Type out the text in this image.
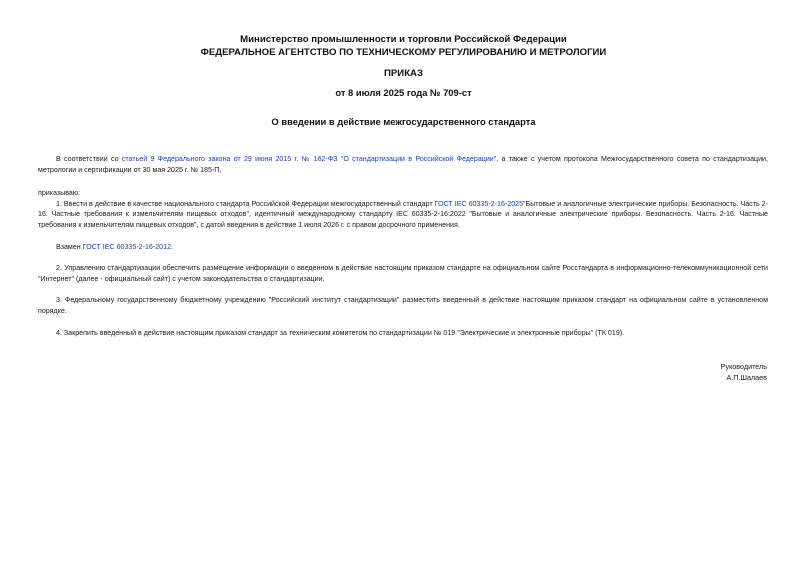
Министерство промышленности и торговли Российской Федерации
ФЕДЕРАЛЬНОЕ АГЕНТСТВО ПО ТЕХНИЧЕСКОМУ РЕГУЛИРОВАНИЮ И МЕТРОЛОГИИ
ПРИКАЗ
от 8 июля 2025 года № 709-ст
О введении в действие межгосударственного стандарта

В соответствии со статьей 9 Федерального закона от 29 июня 2015 г. № 162-ФЗ "О стандартизации в Российской Федерации", а также с учетом протокола Межгосударственного совета по стандартизации, метрологии и сертификации от 30 мая 2025 г. № 185-П,

приказываю:

1. Ввести в действие в качестве национального стандарта Российской Федерации межгосударственный стандарт ГОСТ IEC 60335-2-16-2025"Бытовые и аналогичные электрические приборы. Безопасность. Часть 2-16. Частные требования к измельчителям пищевых отходов", идентичный международному стандарту IEC 60335-2-16:2022 "Бытовые и аналогичные электрические приборы. Безопасность. Часть 2-16. Частные требования к измельчителям пищевых отходов", с датой введения в действие 1 июля 2026 г. с правом досрочного применения.

Взамен ГОСТ IEC 60335-2-16-2012.

2. Управлению стандартизации обеспечить размещение информации о введенном в действие настоящим приказом стандарте на официальном сайте Росстандарта в информационно-телекоммуникационной сети "Интернет" (далее - официальный сайт) с учетом законодательства о стандартизации.

3. Федеральному государственному бюджетному учреждению "Российский институт стандартизации" разместить введенный в действие настоящим приказом стандарт на официальном сайте в установленном порядке.

4. Закрепить введенный в действие настоящим приказом стандарт за техническим комитетом по стандартизации № 019 "Электрические и электронные приборы" (ТК 019).

Руководитель
А.П.Шалаев
